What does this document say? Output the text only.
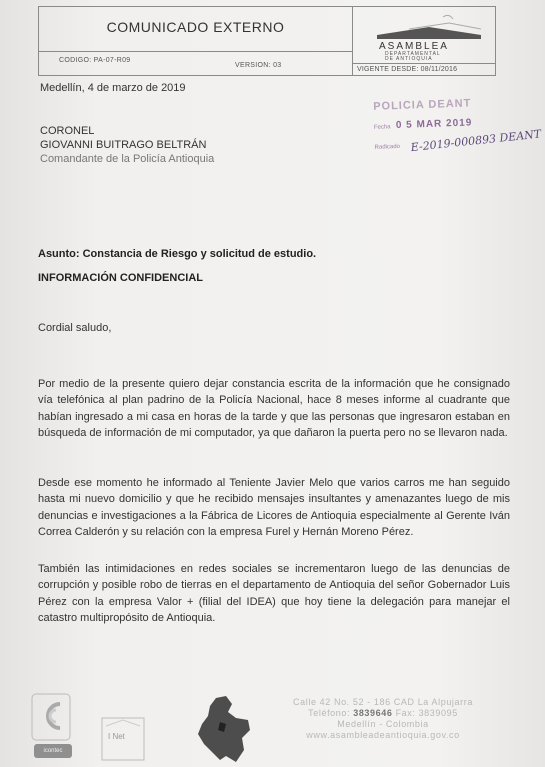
COMUNICADO EXTERNO
CODIGO: PA-07-R09
VERSION: 03
VIGENTE DESDE: 08/11/2016
ASAMBLEA
DEPARTAMENTAL
DE ANTIOQUIA
Medellín, 4 de marzo de 2019
POLICIA DEANT
Fecha 0 5 MAR 2019
Radicado E-2019-000893 DEANT
CORONEL
GIOVANNI BUITRAGO BELTRÁN
Comandante de la Policía Antioquia
Asunto: Constancia de Riesgo y solicitud de estudio.
INFORMACIÓN CONFIDENCIAL
Cordial saludo,
Por medio de la presente quiero dejar constancia escrita de la información que he consignado vía telefónica al plan padrino de la Policía Nacional, hace 8 meses informe al cuadrante que habían ingresado a mi casa en horas de la tarde y que las personas que ingresaron estaban en búsqueda de información de mi computador, ya que dañaron la puerta pero no se llevaron nada.
Desde ese momento he informado al Teniente Javier Melo que varios carros me han seguido hasta mi nuevo domicilio y que he recibido mensajes insultantes y amenazantes luego de mis denuncias e investigaciones a la Fábrica de Licores de Antioquia especialmente al Gerente Iván Correa Calderón y su relación con la empresa Furel y Hernán Moreno Pérez.
También las intimidaciones en redes sociales se incrementaron luego de las denuncias de corrupción y posible robo de tierras en el departamento de Antioquia del señor Gobernador Luis Pérez con la empresa Valor + (filial del IDEA) que hoy tiene la delegación para manejar el catastro multipropósito de Antioquia.
icontec
I Net
Calle 42 No. 52 - 186 CAD La Alpujarra
Teléfono: 3839646 Fax: 3839095
Medellín - Colombia
www.asambleadeantioquia.gov.co
